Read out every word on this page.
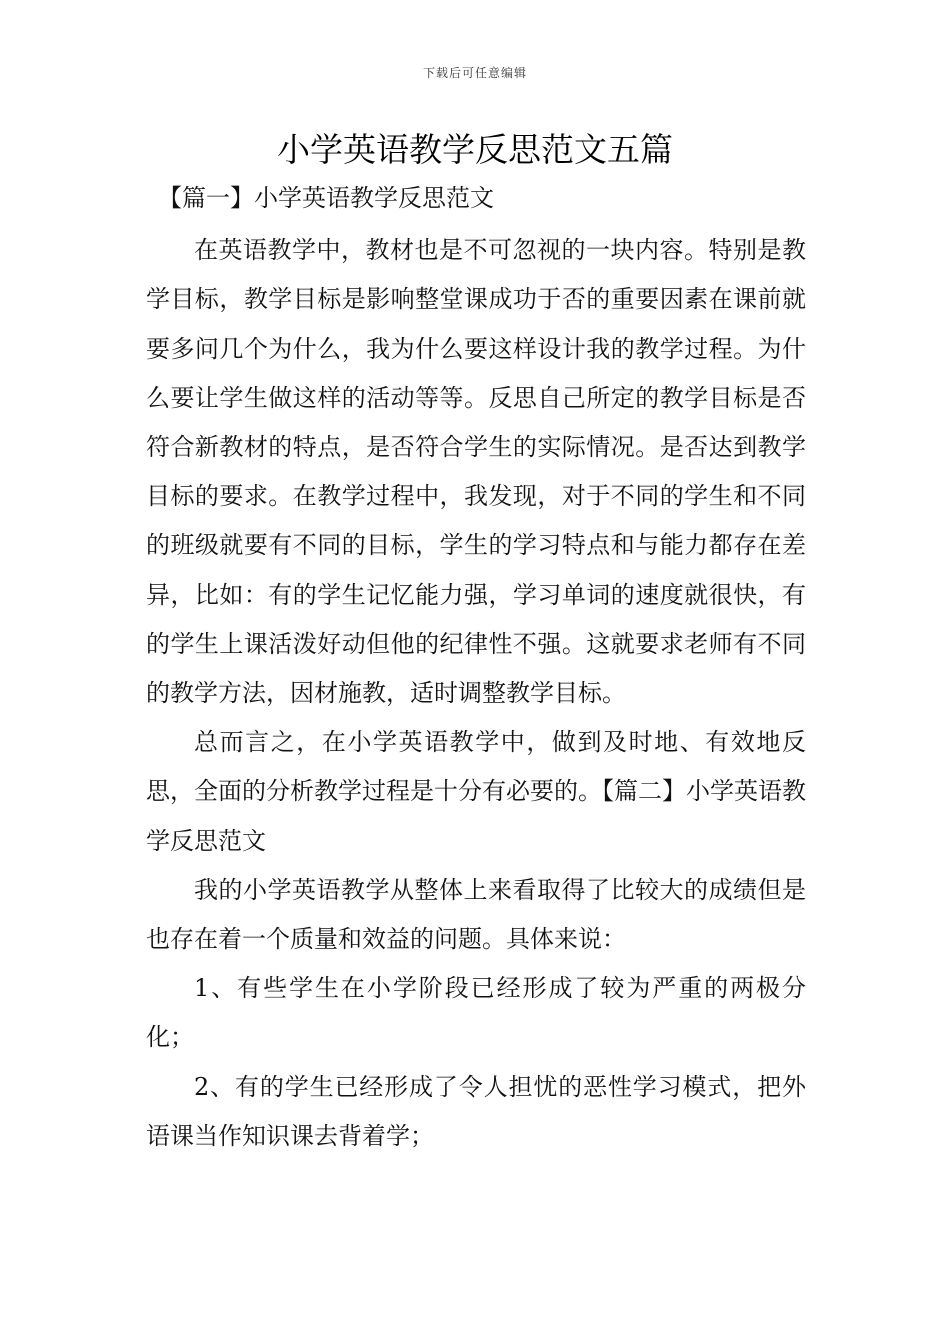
下载后可任意编辑
小学英语教学反思范文五篇

【篇一】小学英语教学反思范文

在英语教学中，教材也是不可忽视的一块内容。特别是教学目标，教学目标是影响整堂课成功于否的重要因素在课前就要多问几个为什么，我为什么要这样设计我的教学过程。为什么要让学生做这样的活动等等。反思自己所定的教学目标是否符合新教材的特点，是否符合学生的实际情况。是否达到教学目标的要求。在教学过程中，我发现，对于不同的学生和不同的班级就要有不同的目标，学生的学习特点和与能力都存在差异，比如：有的学生记忆能力强，学习单词的速度就很快，有的学生上课活泼好动但他的纪律性不强。这就要求老师有不同的教学方法，因材施教，适时调整教学目标。

总而言之，在小学英语教学中，做到及时地、有效地反思，全面的分析教学过程是十分有必要的。【篇二】小学英语教学反思范文

我的小学英语教学从整体上来看取得了比较大的成绩但是也存在着一个质量和效益的问题。具体来说：

1、有些学生在小学阶段已经形成了较为严重的两极分化；

2、有的学生已经形成了令人担忧的恶性学习模式，把外语课当作知识课去背着学；
